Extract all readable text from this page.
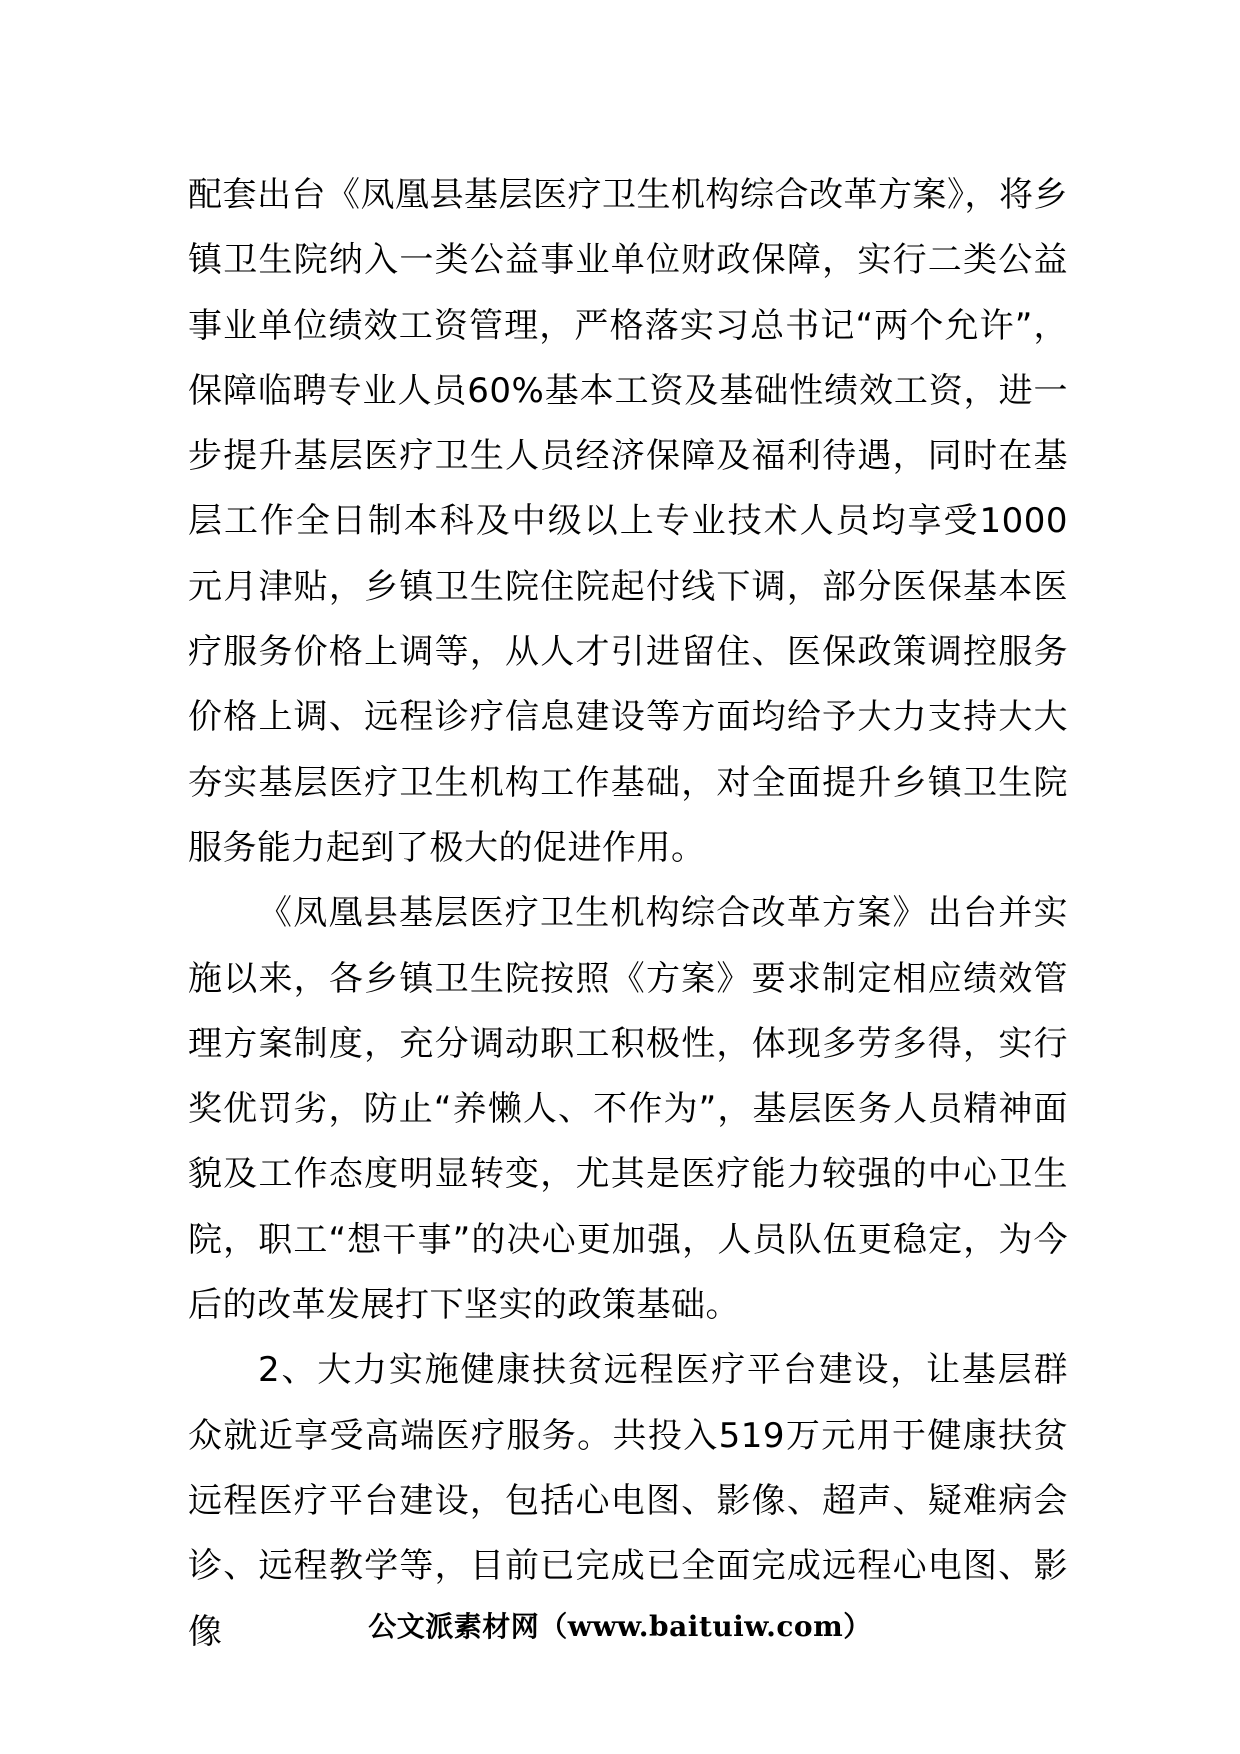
配套出台《凤凰县基层医疗卫生机构综合改革方案》，将乡镇卫生院纳入一类公益事业单位财政保障，实行二类公益事业单位绩效工资管理，严格落实习总书记“两个允许”，保障临聘专业人员60%基本工资及基础性绩效工资，进一步提升基层医疗卫生人员经济保障及福利待遇，同时在基层工作全日制本科及中级以上专业技术人员均享受1000元月津贴，乡镇卫生院住院起付线下调，部分医保基本医疗服务价格上调等，从人才引进留住、医保政策调控服务价格上调、远程诊疗信息建设等方面均给予大力支持大大夯实基层医疗卫生机构工作基础，对全面提升乡镇卫生院服务能力起到了极大的促进作用。

《凤凰县基层医疗卫生机构综合改革方案》出台并实施以来，各乡镇卫生院按照《方案》要求制定相应绩效管理方案制度，充分调动职工积极性，体现多劳多得，实行奖优罚劣，防止“养懒人、不作为”，基层医务人员精神面貌及工作态度明显转变，尤其是医疗能力较强的中心卫生院，职工“想干事”的决心更加强，人员队伍更稳定，为今后的改革发展打下坚实的政策基础。

2、大力实施健康扶贫远程医疗平台建设，让基层群众就近享受高端医疗服务。共投入519万元用于健康扶贫远程医疗平台建设，包括心电图、影像、超声、疑难病会诊、远程教学等，目前已完成已全面完成远程心电图、影像	公文派素材网（www.baituiw.com）
